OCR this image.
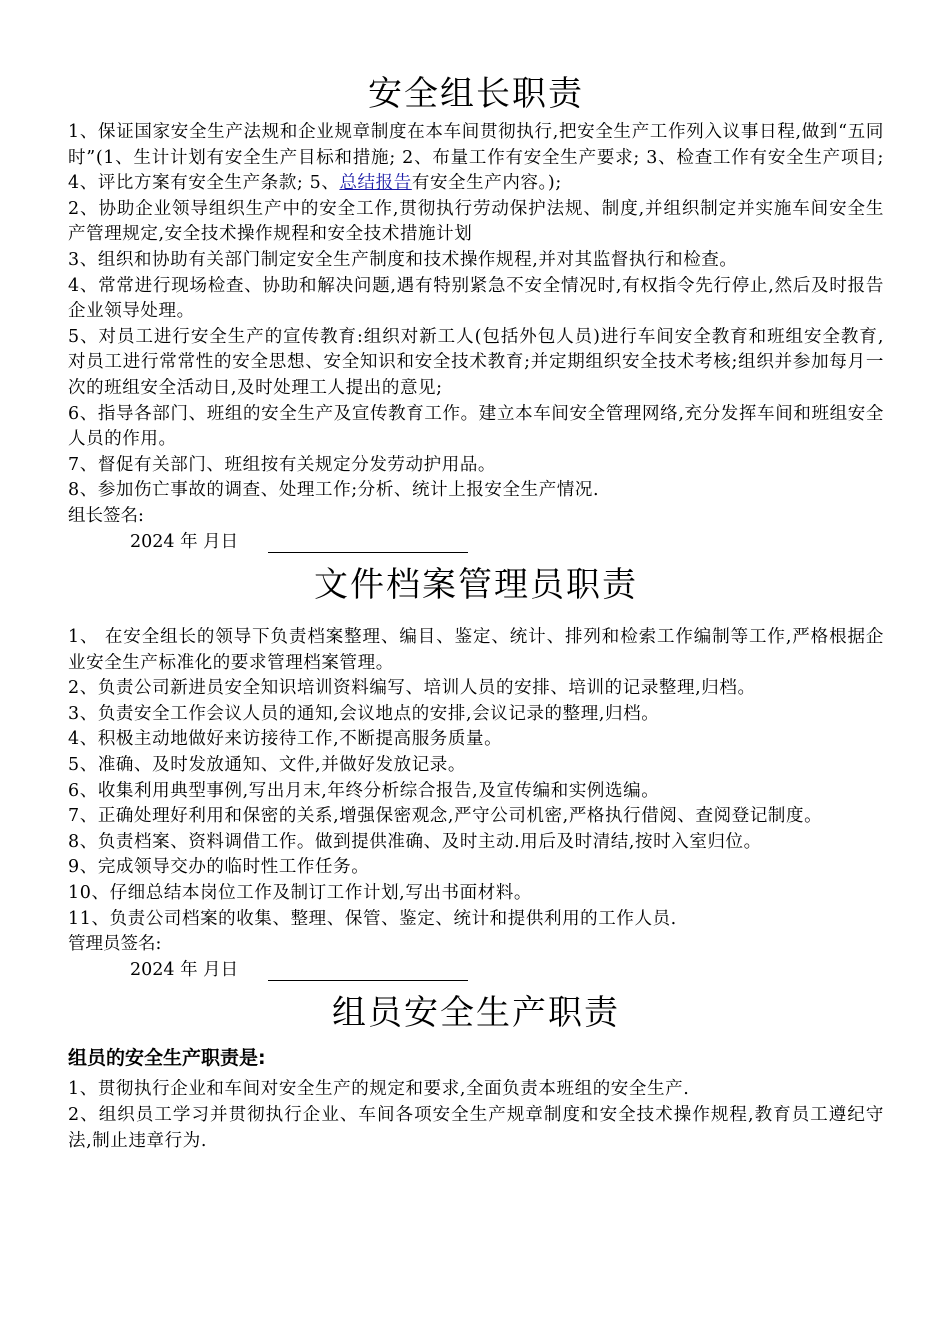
安全组长职责

1、保证国家安全生产法规和企业规章制度在本车间贯彻执行,把安全生产工作列入议事日程,做到“五同时”(1、生计计划有安全生产目标和措施; 2、布量工作有安全生产要求; 3、检查工作有安全生产项目; 4、评比方案有安全生产条款; 5、总结报告有安全生产内容。);

2、协助企业领导组织生产中的安全工作,贯彻执行劳动保护法规、制度,并组织制定并实施车间安全生产管理规定,安全技术操作规程和安全技术措施计划

3、组织和协助有关部门制定安全生产制度和技术操作规程,并对其监督执行和检查。

4、常常进行现场检查、协助和解决问题,遇有特别紧急不安全情况时,有权指令先行停止,然后及时报告企业领导处理。

5、对员工进行安全生产的宣传教育:组织对新工人(包括外包人员)进行车间安全教育和班组安全教育,对员工进行常常性的安全思想、安全知识和安全技术教育;并定期组织安全技术考核;组织并参加每月一次的班组安全活动日,及时处理工人提出的意见;

6、指导各部门、班组的安全生产及宣传教育工作。建立本车间安全管理网络,充分发挥车间和班组安全人员的作用。

7、督促有关部门、班组按有关规定分发劳动护用品。

8、参加伤亡事故的调查、处理工作;分析、统计上报安全生产情况.

组长签名:

2024 年 月日
文件档案管理员职责

1、 在安全组长的领导下负责档案整理、编目、鉴定、统计、排列和检索工作编制等工作,严格根据企业安全生产标准化的要求管理档案管理。

2、负责公司新进员安全知识培训资料编写、培训人员的安排、培训的记录整理,归档。

3、负责安全工作会议人员的通知,会议地点的安排,会议记录的整理,归档。

4、积极主动地做好来访接待工作,不断提高服务质量。

5、准确、及时发放通知、文件,并做好发放记录。

6、收集利用典型事例,写出月末,年终分析综合报告,及宣传编和实例选编。

7、正确处理好利用和保密的关系,增强保密观念,严守公司机密,严格执行借阅、查阅登记制度。

8、负责档案、资料调借工作。做到提供准确、及时主动.用后及时清结,按时入室归位。

9、完成领导交办的临时性工作任务。

10、仔细总结本岗位工作及制订工作计划,写出书面材料。

11、负责公司档案的收集、整理、保管、鉴定、统计和提供利用的工作人员.

管理员签名:

2024 年 月日
组员安全生产职责

组员的安全生产职责是:

1、贯彻执行企业和车间对安全生产的规定和要求,全面负责本班组的安全生产.

2、组织员工学习并贯彻执行企业、车间各项安全生产规章制度和安全技术操作规程,教育员工遵纪守法,制止违章行为.
